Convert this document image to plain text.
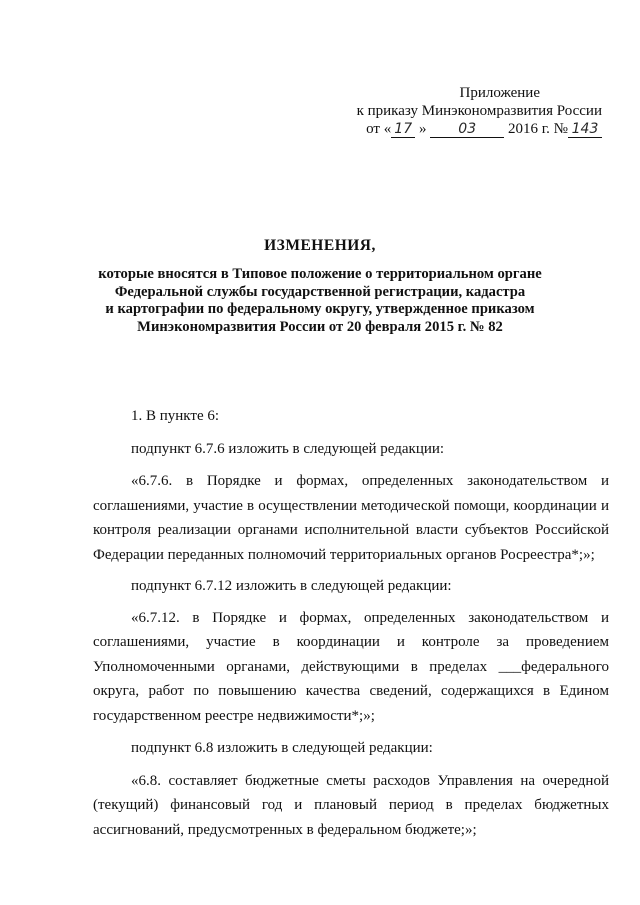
Приложение
к приказу Минэкономразвития России
от « 17 » 03 2016 г. № 143
ИЗМЕНЕНИЯ,
которые вносятся в Типовое положение о территориальном органе
Федеральной службы государственной регистрации, кадастра
и картографии по федеральному округу, утвержденное приказом
Минэкономразвития России от 20 февраля 2015 г. № 82

1. В пункте 6:

подпункт 6.7.6 изложить в следующей редакции:

«6.7.6. в Порядке и формах, определенных законодательством и соглашениями, участие в осуществлении методической помощи, координации и контроля реализации органами исполнительной власти субъектов Российской Федерации переданных полномочий территориальных органов Росреестра*;»;

подпункт 6.7.12 изложить в следующей редакции:

«6.7.12. в Порядке и формах, определенных законодательством и соглашениями, участие в координации и контроле за проведением Уполномоченными органами, действующими в пределах ___федерального округа, работ по повышению качества сведений, содержащихся в Едином государственном реестре недвижимости*;»;

подпункт 6.8 изложить в следующей редакции:

«6.8. составляет бюджетные сметы расходов Управления на очередной (текущий) финансовый год и плановый период в пределах бюджетных ассигнований, предусмотренных в федеральном бюджете;»;
